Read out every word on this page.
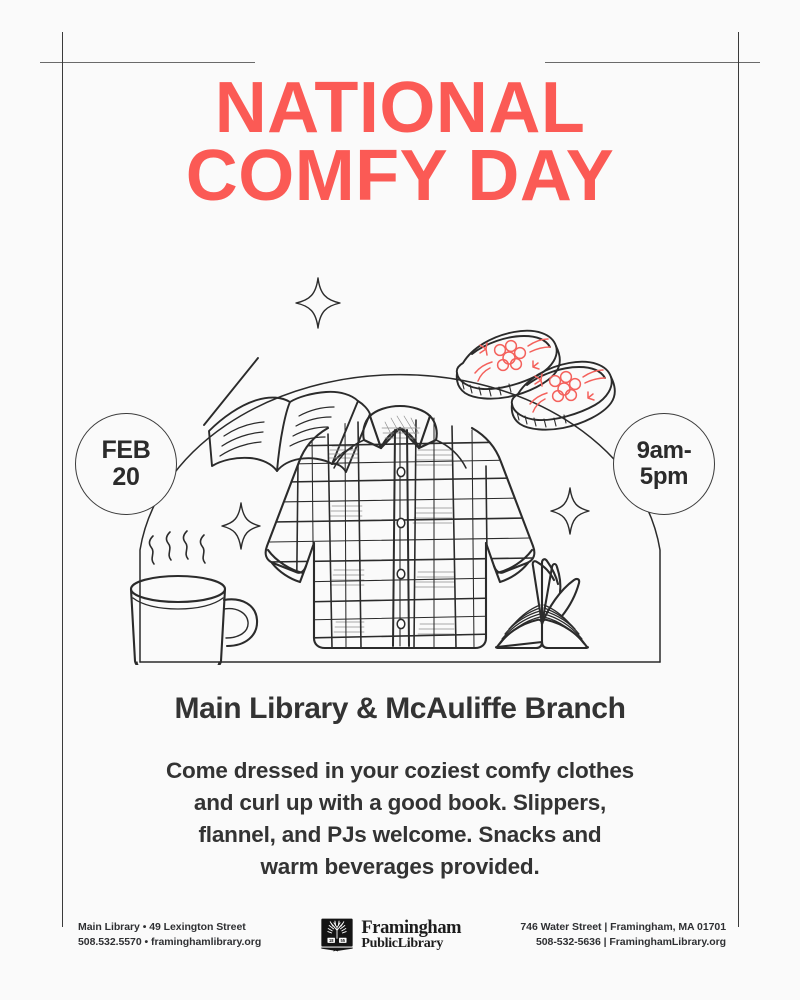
NATIONAL
COMFY DAY
FEB
20
9am-
5pm
Main Library & McAuliffe Branch
Come dressed in your coziest comfy clothes
and curl up with a good book. Slippers,
flannel, and PJs welcome. Snacks and
warm beverages provided.
Main Library • 49 Lexington Street
508.532.5570 • framinghamlibrary.org	18 55
Framingham
PublicLibrary
746 Water Street | Framingham, MA 01701
508-532-5636 | FraminghamLibrary.org
